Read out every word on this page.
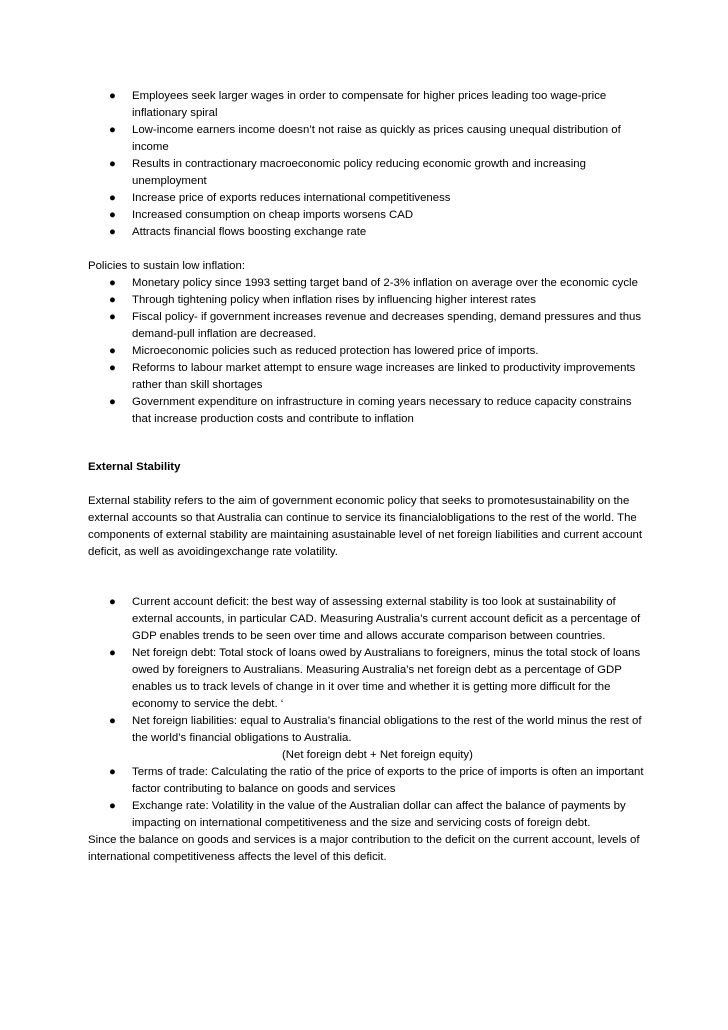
● Employees seek larger wages in order to compensate for higher prices leading too wage-price inflationary spiral
● Low-income earners income doesn’t not raise as quickly as prices causing unequal distribution of income
● Results in contractionary macroeconomic policy reducing economic growth and increasing unemployment
● Increase price of exports reduces international competitiveness
● Increased consumption on cheap imports worsens CAD
● Attracts financial flows boosting exchange rate
Policies to sustain low inflation:
● Monetary policy since 1993 setting target band of 2-3% inflation on average over the economic cycle
● Through tightening policy when inflation rises by influencing higher interest rates
● Fiscal policy- if government increases revenue and decreases spending, demand pressures and thus demand-pull inflation are decreased.
● Microeconomic policies such as reduced protection has lowered price of imports.
● Reforms to labour market attempt to ensure wage increases are linked to productivity improvements rather than skill shortages
● Government expenditure on infrastructure in coming years necessary to reduce capacity constrains that increase production costs and contribute to inflation
External Stability
External stability refers to the aim of government economic policy that seeks to promotesustainability on the external accounts so that Australia can continue to service its financialobligations to the rest of the world. The components of external stability are maintaining asustainable level of net foreign liabilities and current account deficit, as well as avoidingexchange rate volatility.
● Current account deficit: the best way of assessing external stability is too look at sustainability of external accounts, in particular CAD. Measuring Australia’s current account deficit as a percentage of GDP enables trends to be seen over time and allows accurate comparison between countries.
● Net foreign debt: Total stock of loans owed by Australians to foreigners, minus the total stock of loans owed by foreigners to Australians. Measuring Australia’s net foreign debt as a percentage of GDP enables us to track levels of change in it over time and whether it is getting more difficult for the economy to service the debt. ‘
● Net foreign liabilities: equal to Australia’s financial obligations to the rest of the world minus the rest of the world’s financial obligations to Australia.
(Net foreign debt + Net foreign equity)
● Terms of trade: Calculating the ratio of the price of exports to the price of imports is often an important factor contributing to balance on goods and services
● Exchange rate: Volatility in the value of the Australian dollar can affect the balance of payments by impacting on international competitiveness and the size and servicing costs of foreign debt.
Since the balance on goods and services is a major contribution to the deficit on the current account, levels of international competitiveness affects the level of this deficit.
